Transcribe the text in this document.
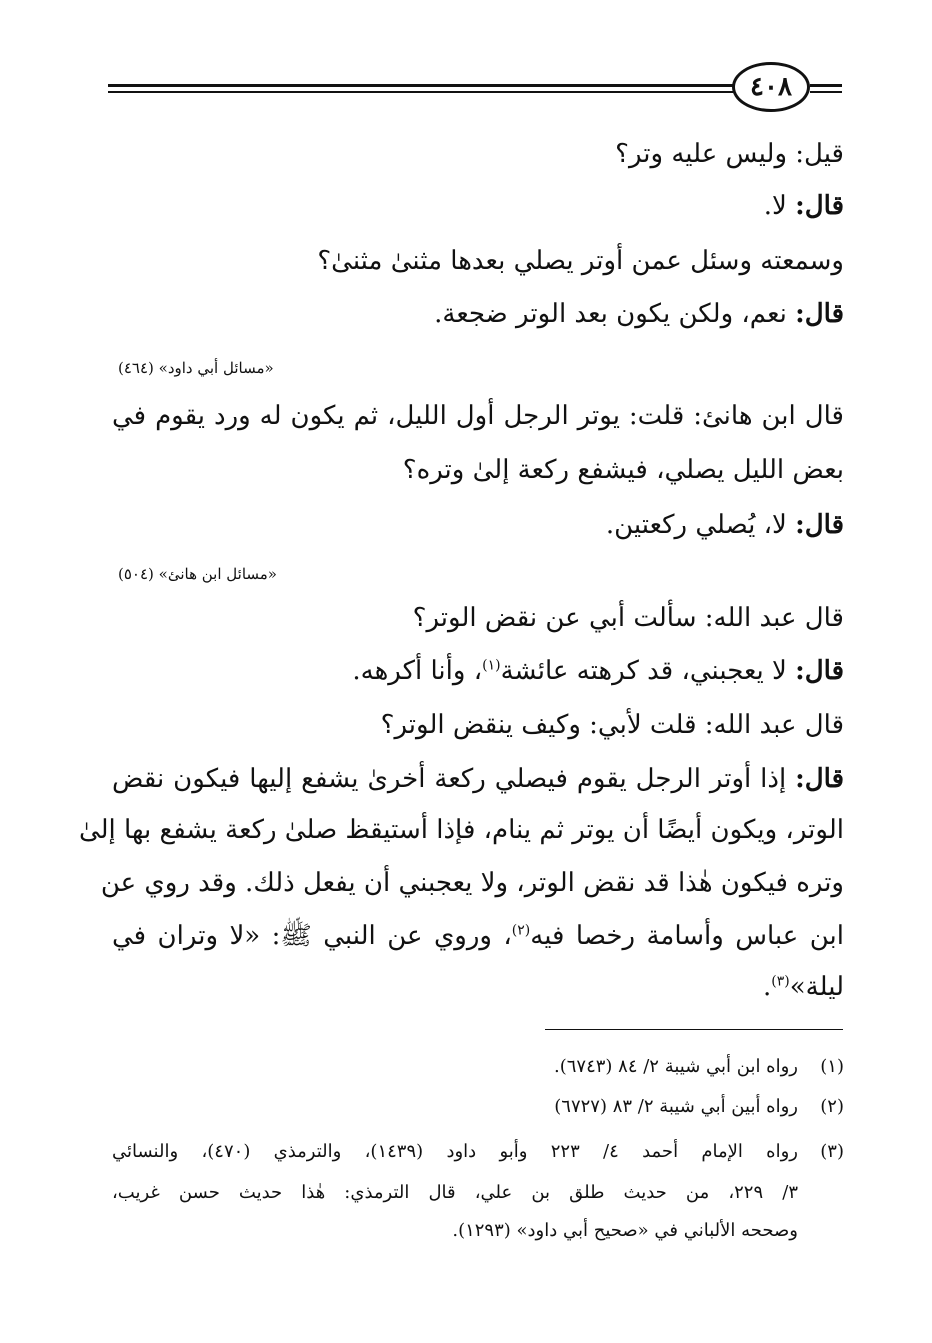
٤٠٨
قيل: وليس عليه وتر؟
قال: لا.
وسمعته وسئل عمن أوتر يصلي بعدها مثنىٰ مثنىٰ؟
قال: نعم، ولكن يكون بعد الوتر ضجعة.
«مسائل أبي داود» (٤٦٤)
قال ابن هانئ: قلت: يوتر الرجل أول الليل، ثم يكون له ورد يقوم في
بعض الليل يصلي، فيشفع ركعة إلىٰ وتره؟
قال: لا، يُصلي ركعتين.
«مسائل ابن هانئ» (٥٠٤)
قال عبد الله: سألت أبي عن نقض الوتر؟
قال: لا يعجبني، قد كرهته عائشة$^{(١)}$، وأنا أكرهه.
قال عبد الله: قلت لأبي: وكيف ينقض الوتر؟
قال: إذا أوتر الرجل يقوم فيصلي ركعة أخرىٰ يشفع إليها فيكون نقض
الوتر، ويكون أيضًا أن يوتر ثم ينام، فإذا أستيقظ صلىٰ ركعة يشفع بها إلىٰ
وتره فيكون هٰذا قد نقض الوتر، ولا يعجبني أن يفعل ذلك. وقد روي عن
ابن عباس وأسامة رخصا فيه$^{(٢)}$، وروي عن النبي ﷺ: «لا وتران في
ليلة»$^{(٣)}$.
(١)رواه ابن أبي شيبة ٢/ ٨٤ (٦٧٤٣).
(٢)رواه أبين أبي شيبة ٢/ ٨٣ (٦٧٢٧)
(٣)رواه الإمام أحمد ٤/ ٢٢٣ وأبو داود (١٤٣٩)، والترمذي (٤٧٠)، والنسائي
٣/ ٢٢٩، من حديث طلق بن علي، قال الترمذي: هٰذا حديث حسن غريب،
وصححه الألباني في «صحيح أبي داود» (١٢٩٣).
